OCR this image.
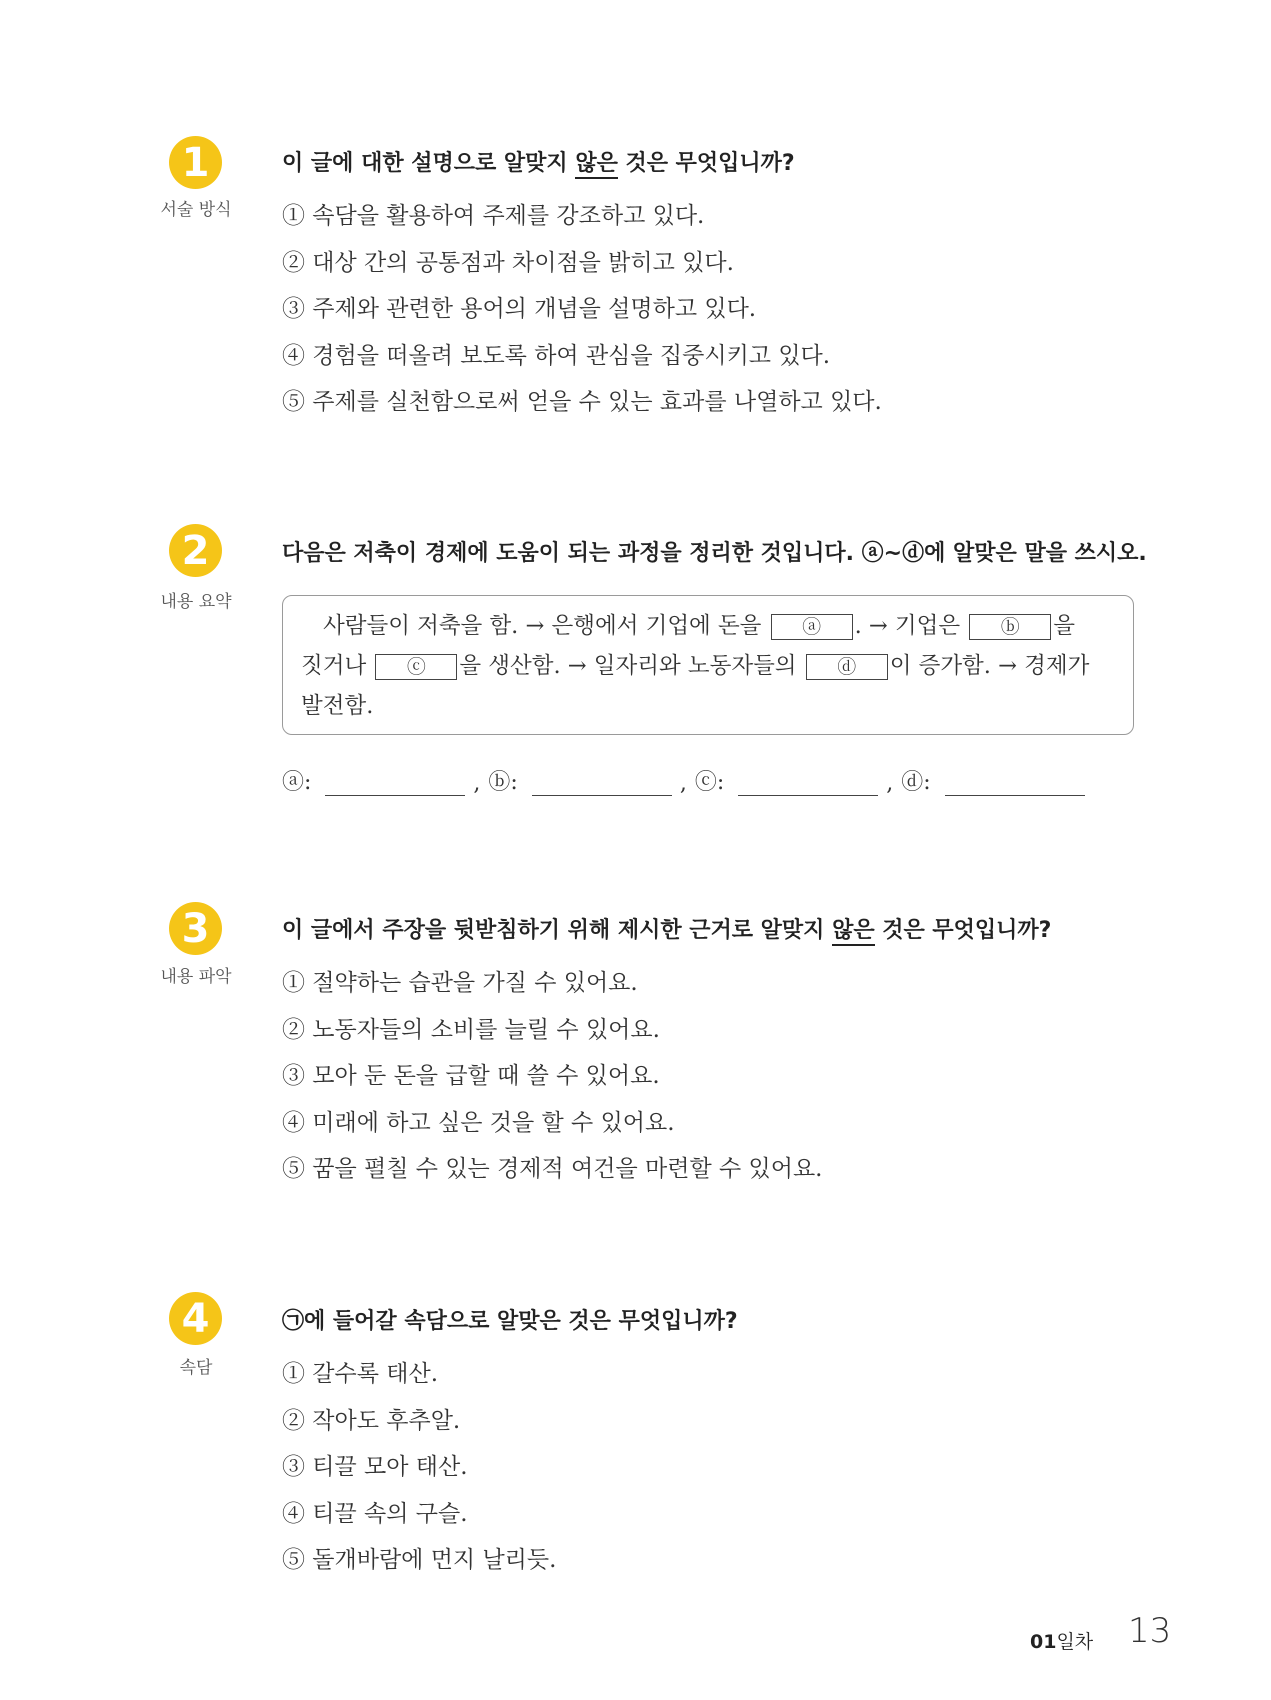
1
서술 방식
이 글에 대한 설명으로 알맞지 않은 것은 무엇입니까?
① 속담을 활용하여 주제를 강조하고 있다.
② 대상 간의 공통점과 차이점을 밝히고 있다.
③ 주제와 관련한 용어의 개념을 설명하고 있다.
④ 경험을 떠올려 보도록 하여 관심을 집중시키고 있다.
⑤ 주제를 실천함으로써 얻을 수 있는 효과를 나열하고 있다.
2
내용 요약
다음은 저축이 경제에 도움이 되는 과정을 정리한 것입니다. ⓐ~ⓓ에 알맞은 말을 쓰시오.
사람들이 저축을 함. → 은행에서 기업에 돈을 ⓐ . → 기업은 ⓑ 을
짓거나 ⓒ 을 생산함. → 일자리와 노동자들의 ⓓ 이 증가함. → 경제가
발전함.
ⓐ:	, ⓑ:	, ⓒ:	, ⓓ:
3
내용 파악
이 글에서 주장을 뒷받침하기 위해 제시한 근거로 알맞지 않은 것은 무엇입니까?
① 절약하는 습관을 가질 수 있어요.
② 노동자들의 소비를 늘릴 수 있어요.
③ 모아 둔 돈을 급할 때 쓸 수 있어요.
④ 미래에 하고 싶은 것을 할 수 있어요.
⑤ 꿈을 펼칠 수 있는 경제적 여건을 마련할 수 있어요.
4
속담
㉠에 들어갈 속담으로 알맞은 것은 무엇입니까?
① 갈수록 태산.
② 작아도 후추알.
③ 티끌 모아 태산.
④ 티끌 속의 구슬.
⑤ 돌개바람에 먼지 날리듯.
01일차 13
